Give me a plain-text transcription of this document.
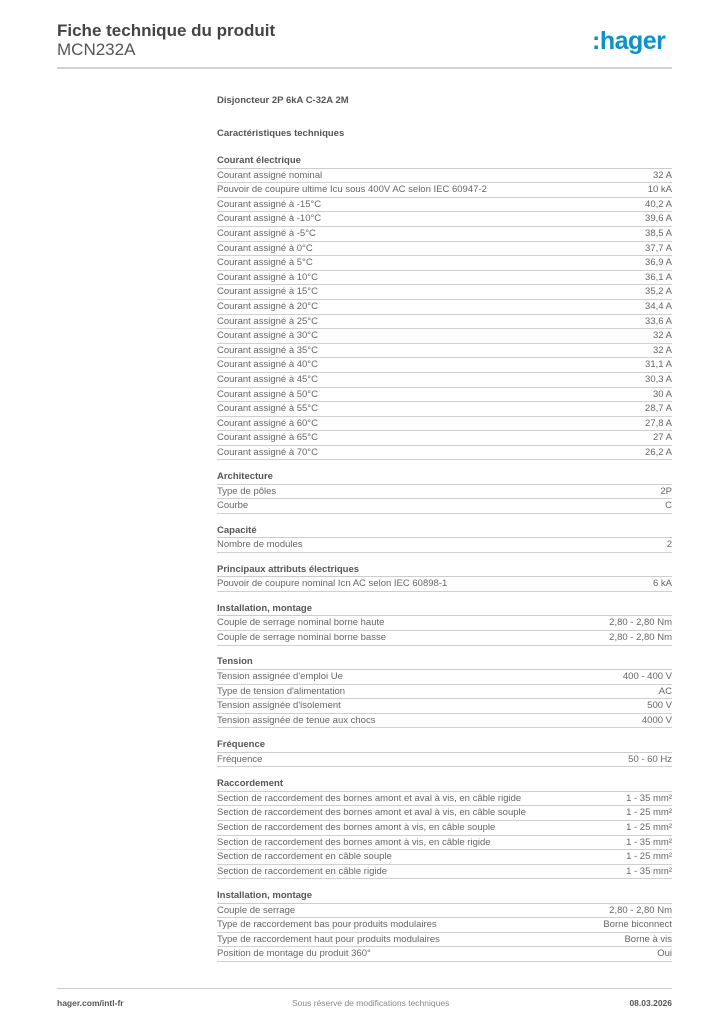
Fiche technique du produit
MCN232A	:hager
Disjoncteur 2P 6kA C-32A 2M
Caractéristiques techniques
Courant électrique
Courant assigné nominal	32 A
Pouvoir de coupure ultime Icu sous 400V AC selon IEC 60947-2	10 kA
Courant assigné à -15°C	40,2 A
Courant assigné à -10°C	39,6 A
Courant assigné à -5°C	38,5 A
Courant assigné à 0°C	37,7 A
Courant assigné à 5°C	36,9 A
Courant assigné à 10°C	36,1 A
Courant assigné à 15°C	35,2 A
Courant assigné à 20°C	34,4 A
Courant assigné à 25°C	33,6 A
Courant assigné à 30°C	32 A
Courant assigné à 35°C	32 A
Courant assigné à 40°C	31,1 A
Courant assigné à 45°C	30,3 A
Courant assigné à 50°C	30 A
Courant assigné à 55°C	28,7 A
Courant assigné à 60°C	27,8 A
Courant assigné à 65°C	27 A
Courant assigné à 70°C	26,2 A
Architecture
Type de pôles	2P
Courbe	C
Capacité
Nombre de modules	2
Principaux attributs électriques
Pouvoir de coupure nominal Icn AC selon IEC 60898-1	6 kA
Installation, montage
Couple de serrage nominal borne haute	2,80 - 2,80 Nm
Couple de serrage nominal borne basse	2,80 - 2,80 Nm
Tension
Tension assignée d'emploi Ue	400 - 400 V
Type de tension d'alimentation	AC
Tension assignée d'isolement	500 V
Tension assignée de tenue aux chocs	4000 V
Fréquence
Fréquence	50 - 60 Hz
Raccordement
Section de raccordement des bornes amont et aval à vis, en câble rigide	1 - 35 mm²
Section de raccordement des bornes amont et aval à vis, en câble souple	1 - 25 mm²
Section de raccordement des bornes amont à vis, en câble souple	1 - 25 mm²
Section de raccordement des bornes amont à vis, en câble rigide	1 - 35 mm²
Section de raccordement en câble souple	1 - 25 mm²
Section de raccordement en câble rigide	1 - 35 mm²
Installation, montage
Couple de serrage	2,80 - 2,80 Nm
Type de raccordement bas pour produits modulaires	Borne biconnect
Type de raccordement haut pour produits modulaires	Borne à vis
Position de montage du produit 360°	Oui
hager.com/intl-fr	Sous réserve de modifications techniques	08.03.2026
